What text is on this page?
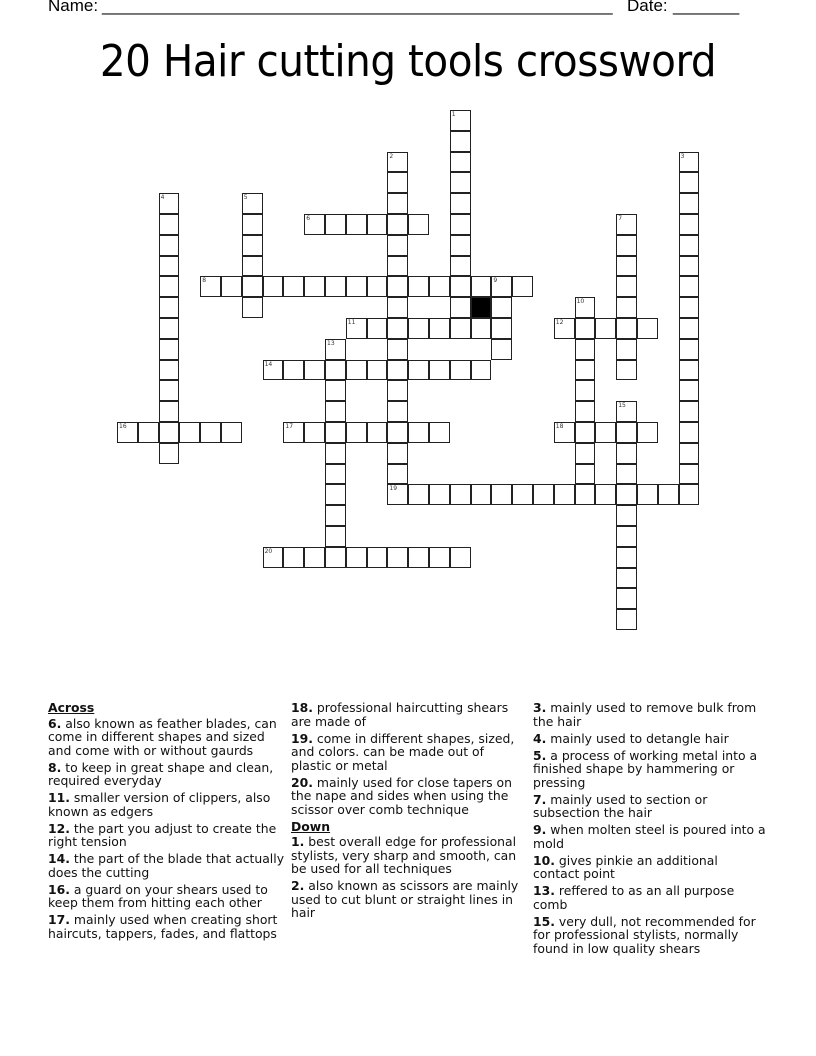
Name: ______________________________________________________ Date: _______
20 Hair cutting tools crossword
1
2
19
3
4	5
6	7
8	9
10
11	12
13
14
15
16	17	18
20
Across
6. also known as feather blades, can come in different shapes and sized and come with or without gaurds
8. to keep in great shape and clean, required everyday
11. smaller version of clippers, also known as edgers
12. the part you adjust to create the right tension
14. the part of the blade that actually does the cutting
16. a guard on your shears used to keep them from hitting each other
17. mainly used when creating short haircuts, tappers, fades, and flattops
18. professional haircutting shears are made of
19. come in different shapes, sized, and colors. can be made out of plastic or metal
20. mainly used for close tapers on the nape and sides when using the scissor over comb technique
Down
1. best overall edge for professional stylists, very sharp and smooth, can be used for all techniques
2. also known as scissors are mainly used to cut blunt or straight lines in hair
3. mainly used to remove bulk from the hair
4. mainly used to detangle hair
5. a process of working metal into a finished shape by hammering or pressing
7. mainly used to section or subsection the hair
9. when molten steel is poured into a mold
10. gives pinkie an additional contact point
13. reffered to as an all purpose comb
15. very dull, not recommended for for professional stylists, normally found in low quality shears
